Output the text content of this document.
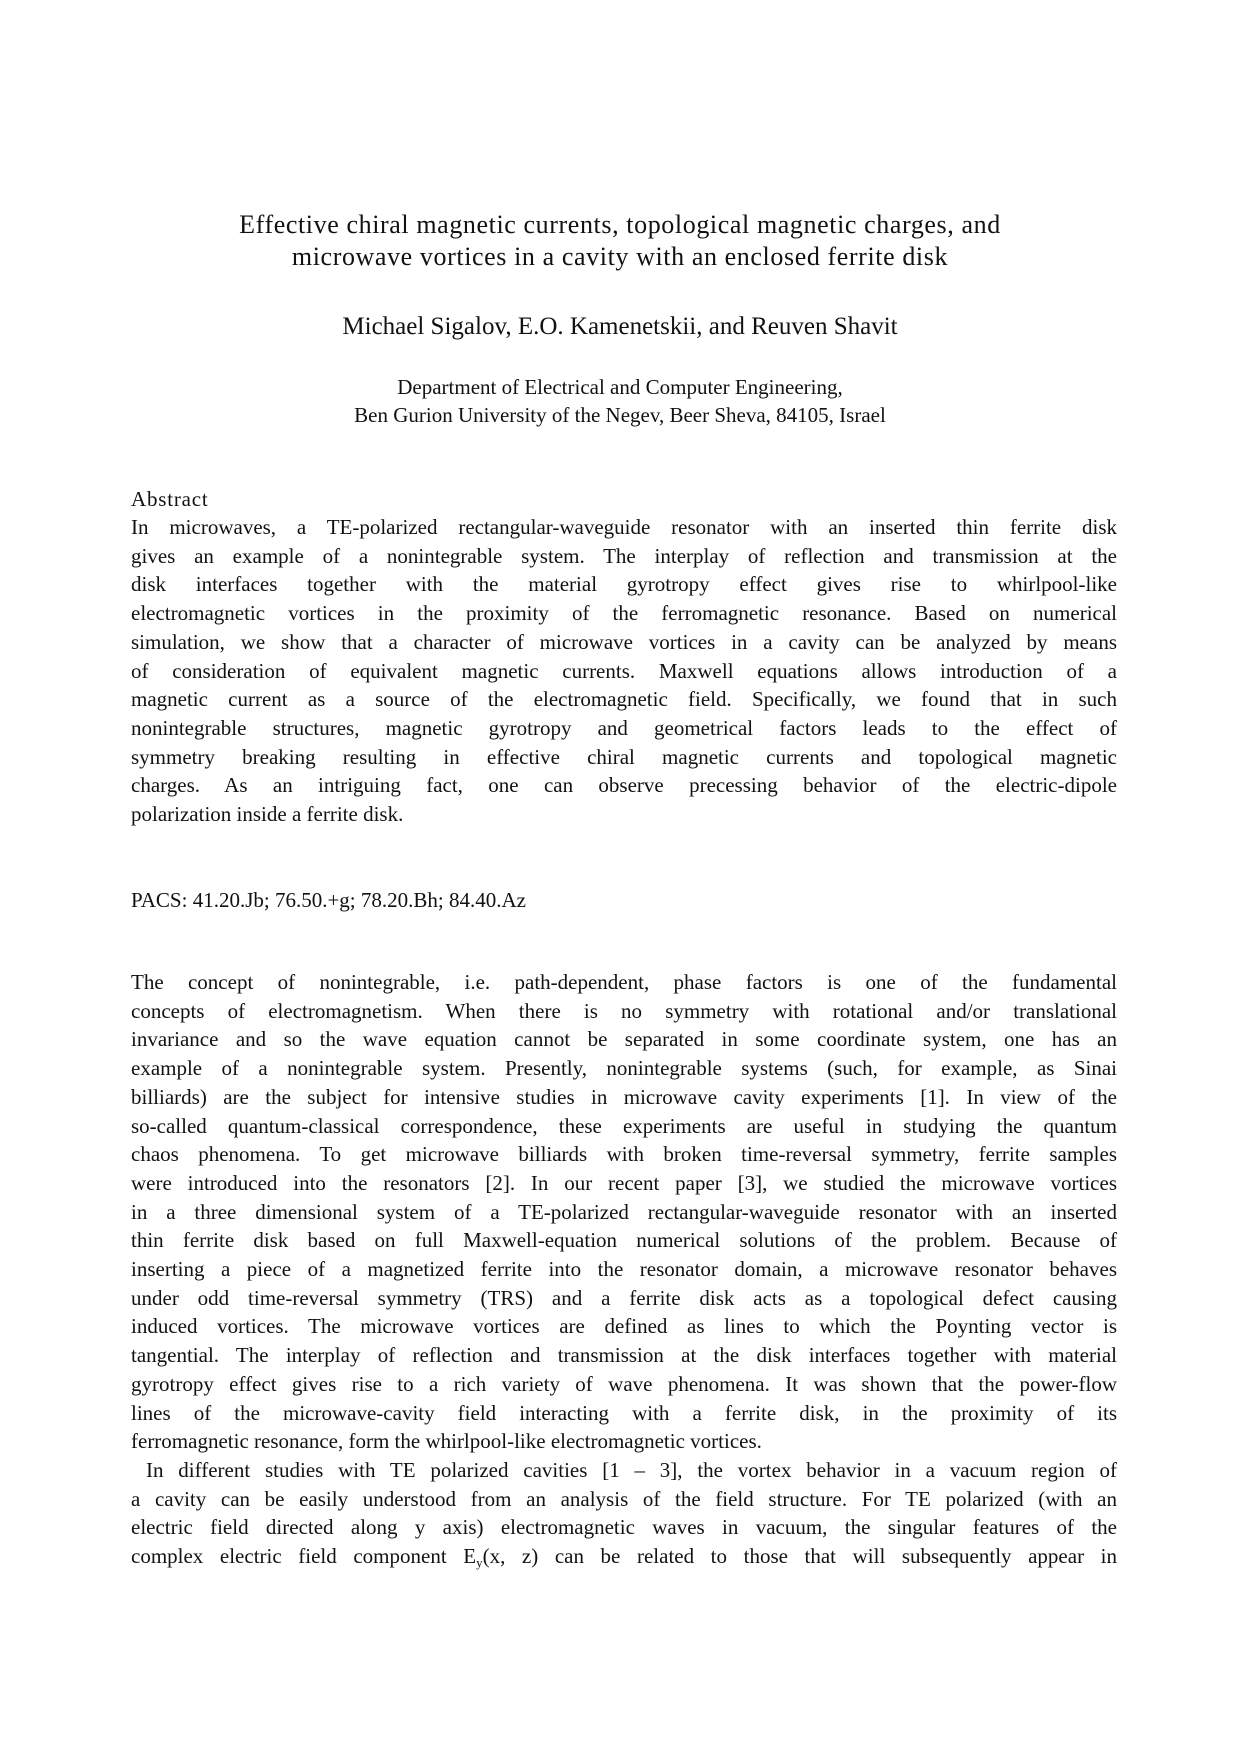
Effective chiral magnetic currents, topological magnetic charges, and
microwave vortices in a cavity with an enclosed ferrite disk
Michael Sigalov, E.O. Kamenetskii, and Reuven Shavit
Department of Electrical and Computer Engineering,
Ben Gurion University of the Negev, Beer Sheva, 84105, Israel
Abstract
In microwaves, a TE-polarized rectangular-waveguide resonator with an inserted thin ferrite disk
gives an example of a nonintegrable system. The interplay of reflection and transmission at the
disk interfaces together with the material gyrotropy effect gives rise to whirlpool-like
electromagnetic vortices in the proximity of the ferromagnetic resonance. Based on numerical
simulation, we show that a character of microwave vortices in a cavity can be analyzed by means
of consideration of equivalent magnetic currents. Maxwell equations allows introduction of a
magnetic current as a source of the electromagnetic field. Specifically, we found that in such
nonintegrable structures, magnetic gyrotropy and geometrical factors leads to the effect of
symmetry breaking resulting in effective chiral magnetic currents and topological magnetic
charges. As an intriguing fact, one can observe precessing behavior of the electric-dipole
polarization inside a ferrite disk.
PACS: 41.20.Jb; 76.50.+g; 78.20.Bh; 84.40.Az
The concept of nonintegrable, i.e. path-dependent, phase factors is one of the fundamental
concepts of electromagnetism. When there is no symmetry with rotational and/or translational
invariance and so the wave equation cannot be separated in some coordinate system, one has an
example of a nonintegrable system. Presently, nonintegrable systems (such, for example, as Sinai
billiards) are the subject for intensive studies in microwave cavity experiments [1]. In view of the
so-called quantum-classical correspondence, these experiments are useful in studying the quantum
chaos phenomena. To get microwave billiards with broken time-reversal symmetry, ferrite samples
were introduced into the resonators [2]. In our recent paper [3], we studied the microwave vortices
in a three dimensional system of a TE-polarized rectangular-waveguide resonator with an inserted
thin ferrite disk based on full Maxwell-equation numerical solutions of the problem. Because of
inserting a piece of a magnetized ferrite into the resonator domain, a microwave resonator behaves
under odd time-reversal symmetry (TRS) and a ferrite disk acts as a topological defect causing
induced vortices. The microwave vortices are defined as lines to which the Poynting vector is
tangential. The interplay of reflection and transmission at the disk interfaces together with material
gyrotropy effect gives rise to a rich variety of wave phenomena. It was shown that the power-flow
lines of the microwave-cavity field interacting with a ferrite disk, in the proximity of its
ferromagnetic resonance, form the whirlpool-like electromagnetic vortices.
In different studies with TE polarized cavities [1 – 3], the vortex behavior in a vacuum region of
a cavity can be easily understood from an analysis of the field structure. For TE polarized (with an
electric field directed along y axis) electromagnetic waves in vacuum, the singular features of the
complex electric field component $E_y(x$, z) can be related to those that will subsequently appear in
